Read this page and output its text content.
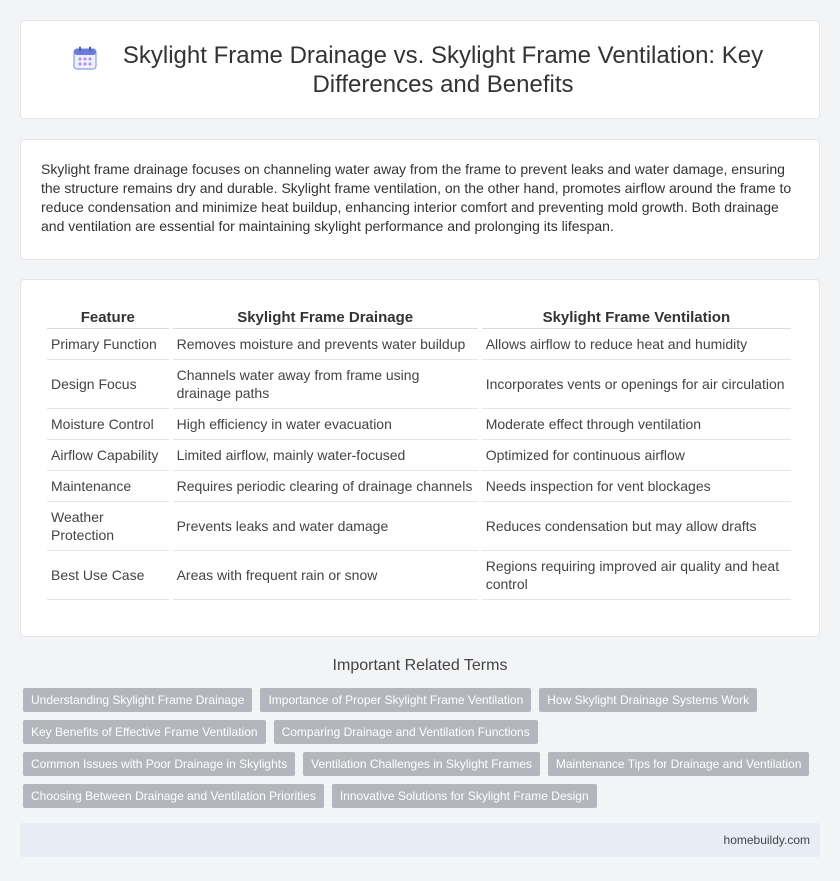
Skylight Frame Drainage vs. Skylight Frame Ventilation: Key Differences and Benefits

Skylight frame drainage focuses on channeling water away from the frame to prevent leaks and water damage, ensuring the structure remains dry and durable. Skylight frame ventilation, on the other hand, promotes airflow around the frame to reduce condensation and minimize heat buildup, enhancing interior comfort and preventing mold growth. Both drainage and ventilation are essential for maintaining skylight performance and prolonging its lifespan.

Feature	Skylight Frame Drainage	Skylight Frame Ventilation
Primary Function	Removes moisture and prevents water buildup	Allows airflow to reduce heat and humidity
Design Focus	Channels water away from frame using drainage paths	Incorporates vents or openings for air circulation
Moisture Control	High efficiency in water evacuation	Moderate effect through ventilation
Airflow Capability	Limited airflow, mainly water-focused	Optimized for continuous airflow
Maintenance	Requires periodic clearing of drainage channels	Needs inspection for vent blockages
Weather Protection	Prevents leaks and water damage	Reduces condensation but may allow drafts
Best Use Case	Areas with frequent rain or snow	Regions requiring improved air quality and heat control
Important Related Terms
Understanding Skylight Frame Drainage	Importance of Proper Skylight Frame Ventilation	How Skylight Drainage Systems Work
Key Benefits of Effective Frame Ventilation	Comparing Drainage and Ventilation Functions
Common Issues with Poor Drainage in Skylights	Ventilation Challenges in Skylight Frames	Maintenance Tips for Drainage and Ventilation
Choosing Between Drainage and Ventilation Priorities	Innovative Solutions for Skylight Frame Design
homebuildy.com
